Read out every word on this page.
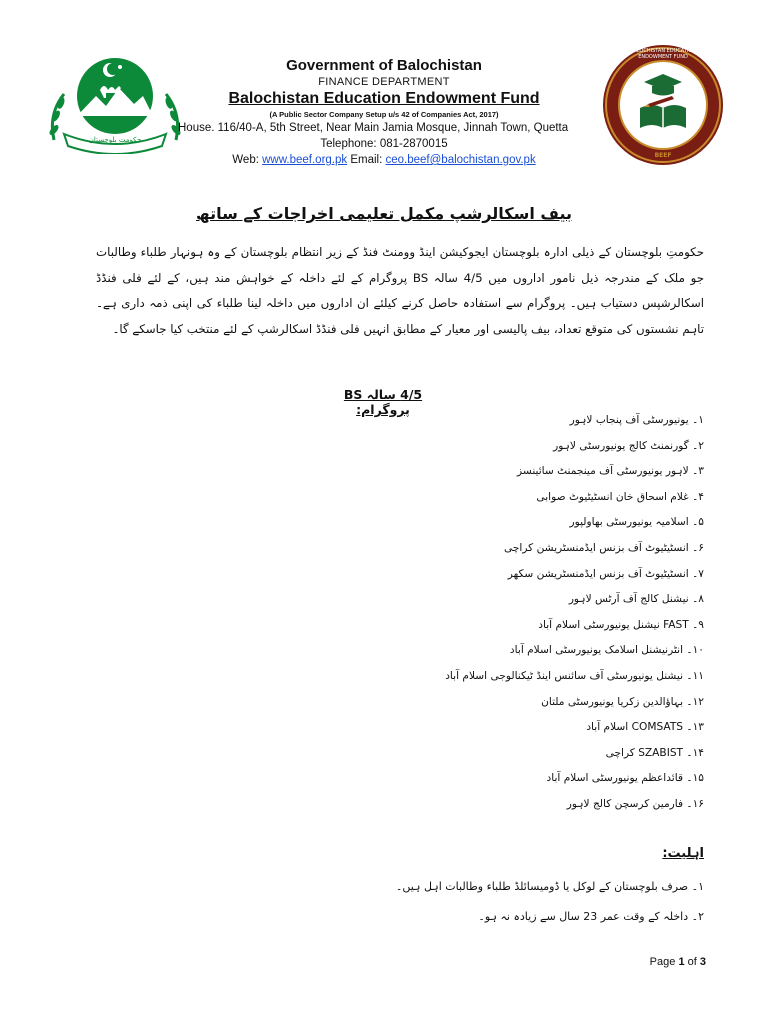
حکومت بلوچستان
Government of Balochistan
FINANCE DEPARTMENT
Balochistan Education Endowment Fund
(A Public Sector Company Setup u/s 42 of Companies Act, 2017)
House. 116/40-A, 5th Street, Near Main Jamia Mosque, Jinnah Town, Quetta
Telephone: 081-2870015
Web: www.beef.org.pk Email: ceo.beef@balochistan.gov.pk
BALOCHISTAN EDUCATION ENDOWMENT FUND
BEEF
بیف اسکالرشپ مکمل تعلیمی اخراجات کے ساتھ
حکومتِ بلوچستان کے ذیلی ادارہ بلوچستان ایجوکیشن اینڈ وومنٹ فنڈ کے زیر انتظام بلوچستان کے وہ ہونہار طلباء وطالبات جو ملک کے مندرجہ ذیل نامور اداروں میں 4/5 سالہ BS پروگرام کے لئے داخلہ کے خواہش مند ہیں، کے لئے فلی فنڈڈ اسکالرشپس دستیاب ہیں۔ پروگرام سے استفادہ حاصل کرنے کیلئے ان اداروں میں داخلہ لینا طلباء کی اپنی ذمہ داری ہے۔ تاہم نشستوں کی متوقع تعداد، بیف پالیسی اور معیار کے مطابق انہیں فلی فنڈڈ اسکالرشپ کے لئے منتخب کیا جاسکے گا۔
4/5 سالہ BS پروگرام:
۱۔ یونیورسٹی آف پنجاب لاہور
۲۔ گورنمنٹ کالج یونیورسٹی لاہور
۳۔ لاہور یونیورسٹی آف مینجمنٹ سائینسز
۴۔ غلام اسحاق خان انسٹیٹیوٹ صوابی
۵۔ اسلامیہ یونیورسٹی بھاولپور
۶۔ انسٹیٹیوٹ آف بزنس ایڈمنسٹریشن کراچی
۷۔ انسٹیٹیوٹ آف بزنس ایڈمنسٹریشن سکھر
۸۔ نیشنل کالج آف آرٹس لاہور
۹۔ FAST نیشنل یونیورسٹی اسلام آباد
۱۰۔ انٹرنیشنل اسلامک یونیورسٹی اسلام آباد
۱۱۔ نیشنل یونیورسٹی آف سائنس اینڈ ٹیکنالوجی اسلام آباد
۱۲۔ بہاؤالدین زکریا یونیورسٹی ملتان
۱۳۔ COMSATS اسلام آباد
۱۴۔ SZABIST کراچی
۱۵۔ قائداعظم یونیورسٹی اسلام آباد
۱۶۔ فارمین کرسچن کالج لاہور
اہلیت:
۱۔ صرف بلوچستان کے لوکل یا ڈومیسائلڈ طلباء وطالبات اہل ہیں۔
۲۔ داخلہ کے وقت عمر 23 سال سے زیادہ نہ ہو۔
Page 1 of 3
